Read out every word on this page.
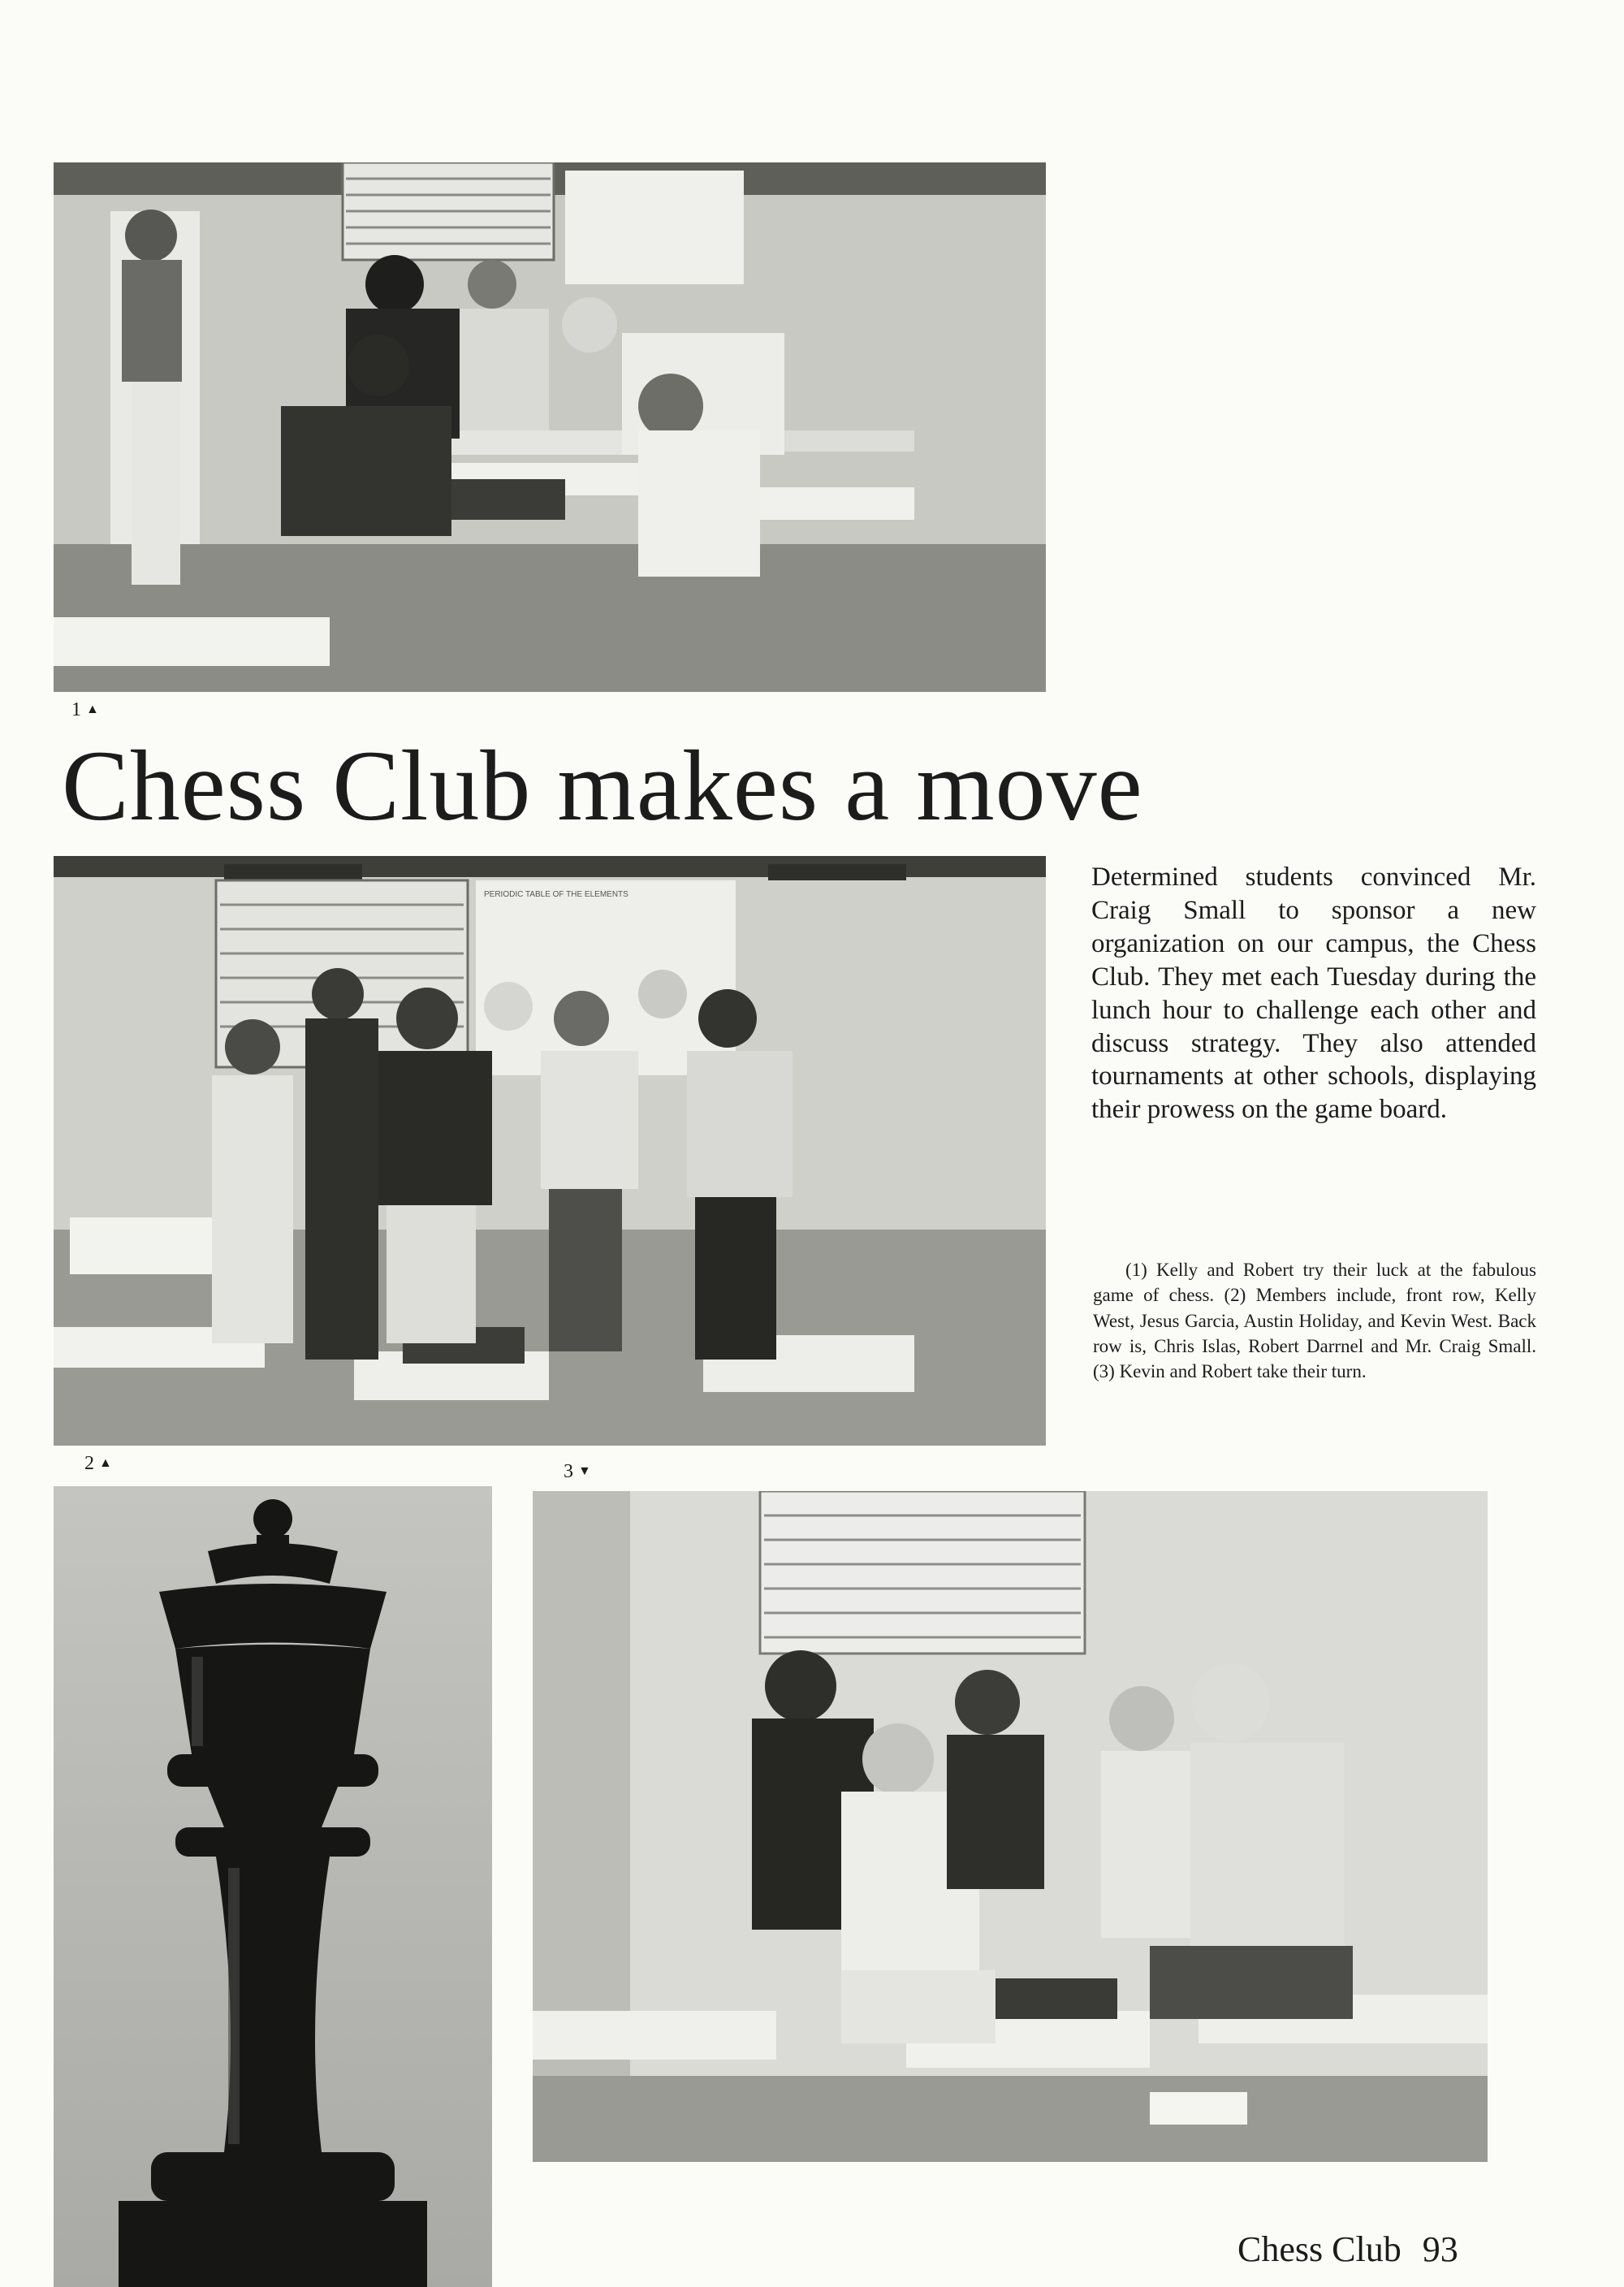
1 ▲
Chess Club makes a move
PERIODIC TABLE OF THE ELEMENTS
2 ▲

Determined students convinced Mr. Craig Small to sponsor a new organization on our campus, the Chess Club. They met each Tuesday during the lunch hour to challenge each other and discuss strategy. They also attended tournaments at other schools, displaying their prowess on the game board.

(1) Kelly and Robert try their luck at the fabulous game of chess. (2) Members include, front row, Kelly West, Jesus Garcia, Austin Holiday, and Kevin West. Back row is, Chris Islas, Robert Darrnel and Mr. Craig Small. (3) Kevin and Robert take their turn.

3 ▼
Chess Club 93
